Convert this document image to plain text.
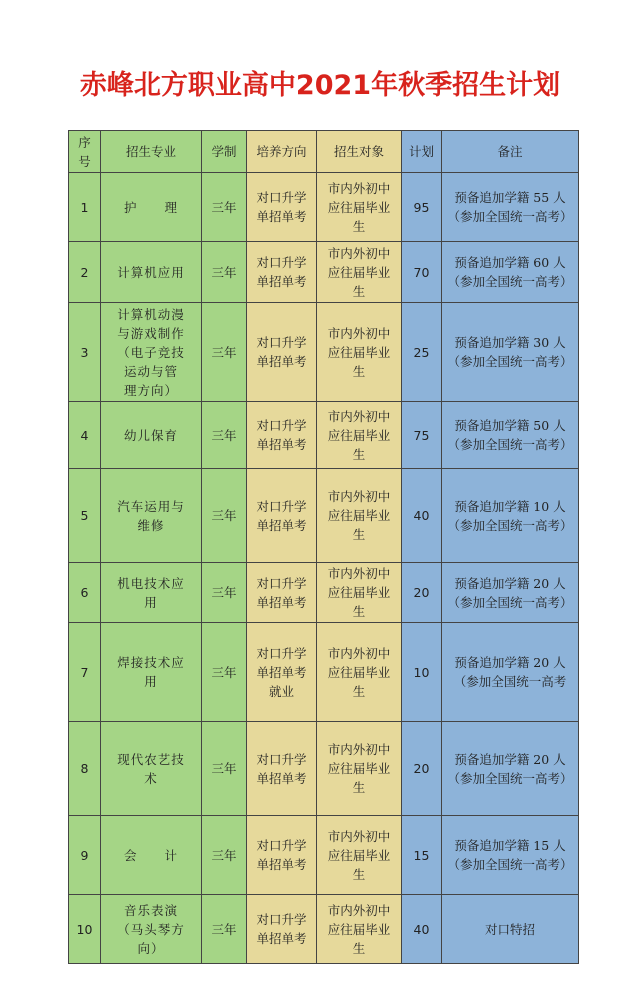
赤峰北方职业高中2021年秋季招生计划
序
号	招生专业	学制	培养方向	招生对象	计划	备注
1	护　　理	三年	对口升学
单招单考	市内外初中
应往届毕业
生	95	预备追加学籍 55 人
（参加全国统一高考）
2	计算机应用	三年	对口升学
单招单考	市内外初中
应往届毕业
生	70	预备追加学籍 60 人
（参加全国统一高考）
3	计算机动漫
与游戏制作
（电子竞技
运动与管
理方向）	三年	对口升学
单招单考	市内外初中
应往届毕业
生	25	预备追加学籍 30 人
（参加全国统一高考）
4	幼儿保育	三年	对口升学
单招单考	市内外初中
应往届毕业
生	75	预备追加学籍 50 人
（参加全国统一高考）
5	汽车运用与
维修	三年	对口升学
单招单考	市内外初中
应往届毕业
生	40	预备追加学籍 10 人
（参加全国统一高考）
6	机电技术应
用	三年	对口升学
单招单考	市内外初中
应往届毕业
生	20	预备追加学籍 20 人
（参加全国统一高考）
7	焊接技术应
用	三年	对口升学
单招单考
就业	市内外初中
应往届毕业
生	10	预备追加学籍 20 人
（参加全国统一高考
8	现代农艺技
术	三年	对口升学
单招单考	市内外初中
应往届毕业
生	20	预备追加学籍 20 人
（参加全国统一高考）
9	会　　计	三年	对口升学
单招单考	市内外初中
应往届毕业
生	15	预备追加学籍 15 人
（参加全国统一高考）
10	音乐表演
（马头琴方
向）	三年	对口升学
单招单考	市内外初中
应往届毕业
生	40	对口特招
